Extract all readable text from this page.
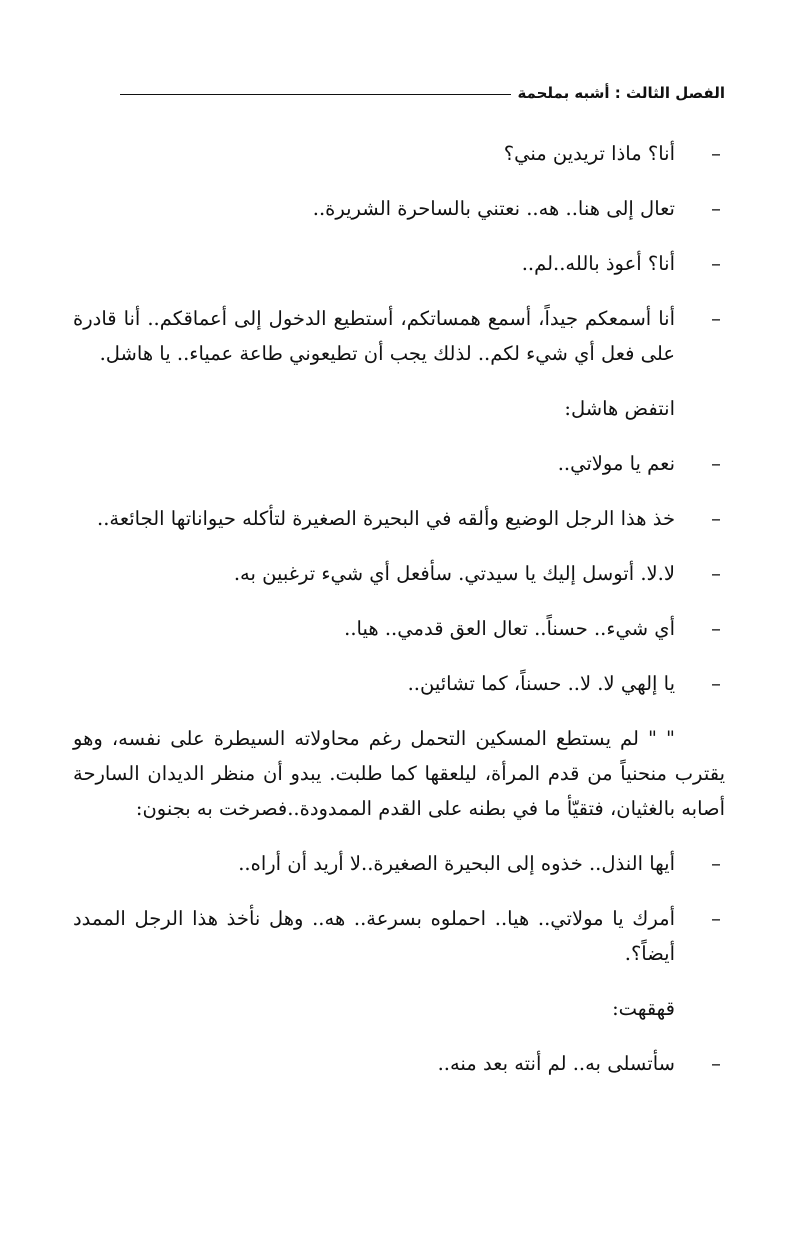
الفصل الثالث : أشبه بملحمة

–
أنا؟ ماذا تريدين مني؟

–
تعال إلى هنا.. هه.. نعتني بالساحرة الشريرة..

–
أنا؟ أعوذ بالله..لم..

–
أنا أسمعكم جيداً، أسمع همساتكم، أستطيع الدخول إلى أعماقكم.. أنا قادرة على فعل أي شيء لكم.. لذلك يجب أن تطيعوني طاعة عمياء.. يا هاشل.

انتفض هاشل:

–
نعم يا مولاتي..

–
خذ هذا الرجل الوضيع وألقه في البحيرة الصغيرة لتأكله حيواناتها الجائعة..

–
لا.لا. أتوسل إليك يا سيدتي. سأفعل أي شيء ترغبين به.

–
أي شيء.. حسناً.. تعال العق قدمي.. هيا..

–
يا إلهي لا. لا.. حسناً، كما تشائين..

" " لم يستطع المسكين التحمل رغم محاولاته السيطرة على نفسه، وهو يقترب منحنياً من قدم المرأة، ليلعقها كما طلبت. يبدو أن منظر الديدان السارحة أصابه بالغثيان، فتقيّأ ما في بطنه على القدم الممدودة..فصرخت به بجنون:

–
أيها النذل.. خذوه إلى البحيرة الصغيرة..لا أريد أن أراه..

–
أمرك يا مولاتي.. هيا.. احملوه بسرعة.. هه.. وهل نأخذ هذا الرجل الممدد أيضاً؟.

قهقهت:

–
سأتسلى به.. لم أنته بعد منه..
